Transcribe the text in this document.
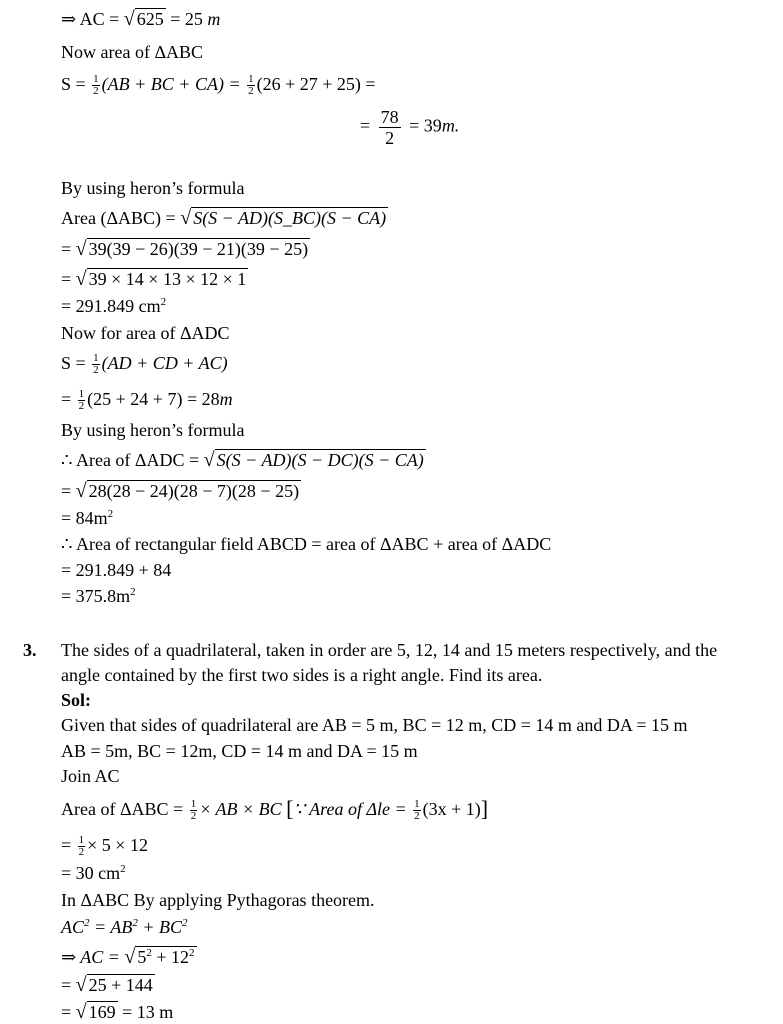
⇒ AC = √ 625 = 25 m
Now area of ΔABC
$S = \frac{1}{2} (AB$ + BC + $CA) = \frac{1}{2} (26 + 27 + 25)$ =
= $\frac{78}{2} = 39m$.
By using heron’s formula
Area (ΔABC) = √ S(S − AD)(S_BC)(S − CA)
= √ 39(39 − 26)(39 − 21)(39 − 25)
= √ 39 × 14 × 13 × 12 × 1
= 291.849 $cm^2$
Now for area of ΔADC
$S = \frac{1}{2} (AD$ + CD + AC)
= $\frac{1}{2} (25 + 24 + 7) = 28m$
By using heron’s formula
∴ Area of ΔADC = √ S(S − AD)(S − DC)(S − CA)
= √ 28(28 − 24)(28 − 7)(28 − 25)
= $84m^2$
∴ Area of rectangular field ABCD = area of ΔABC + area of ΔADC
= 291.849 + 84
= $375.8m^2$
3. The sides of a quadrilateral, taken in order are 5, 12, 14 and 15 meters respectively, and the
angle contained by the first two sides is a right angle. Find its area.
Sol:
Given that sides of quadrilateral are AB = 5 m, BC = 12 m, CD = 14 m and DA = 15 m
AB = 5m, BC = 12m, CD = 14 m and DA = 15 m
Join AC
Area of $\Delta ABC = \frac{1}{2}$ × AB × BC [∵ Area of $\Delta le = \frac{1}{2} (3x + 1)$]
= $\frac{1}{2} \times 5 \times 12$
= 30 $cm^2$
In ΔABC By applying Pythagoras theorem.
$AC^2 = AB^2 + BC^2$
⇒ AC = √ $5^2 + 12^2$
= √ 25 + 144
= √ 169 = 13 m
